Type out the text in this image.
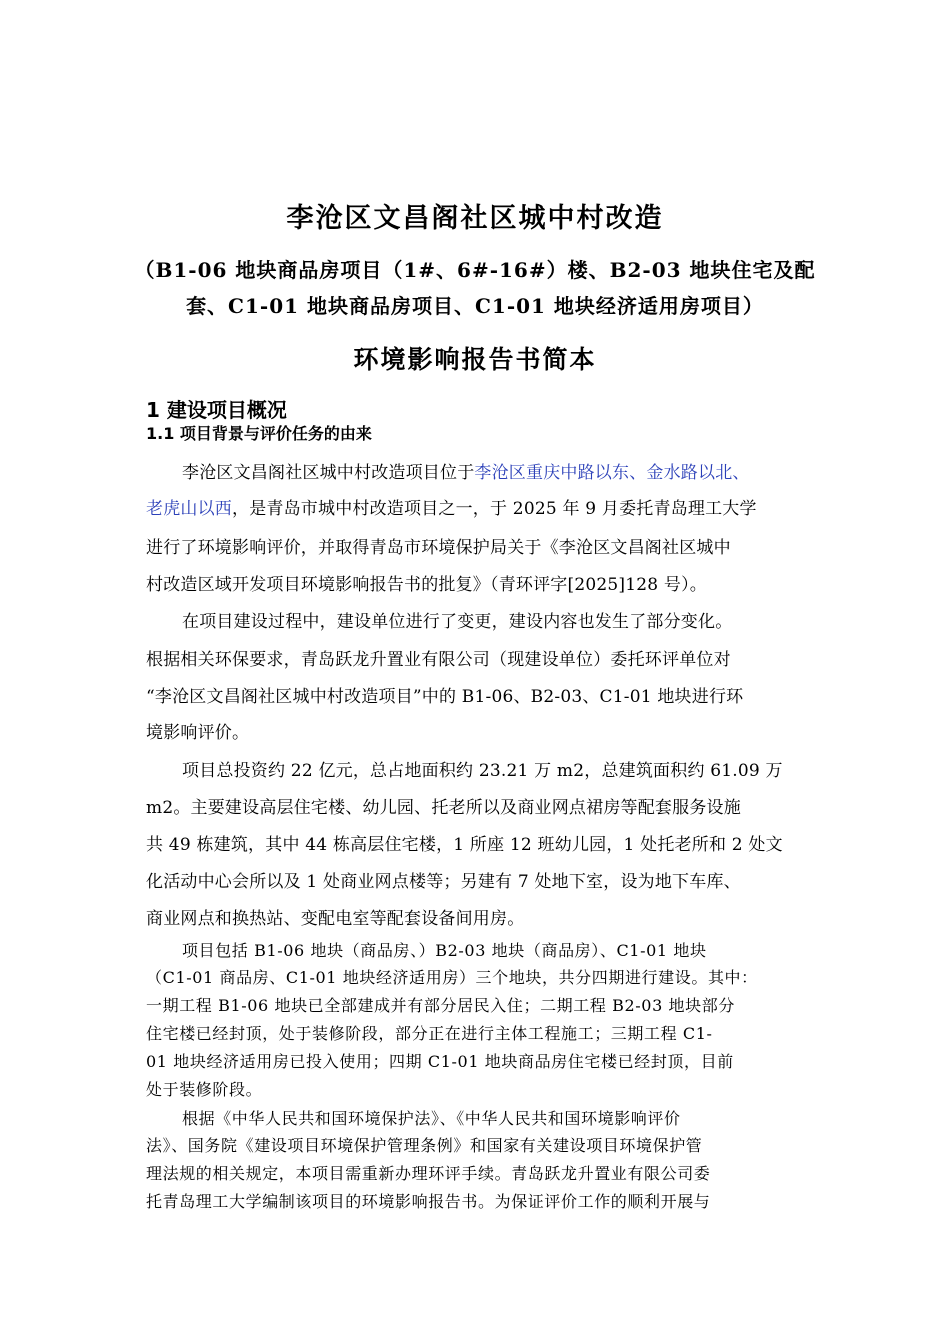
李沧区文昌阁社区城中村改造
（B1-06 地块商品房项目（1#、6#-16#）楼、B2-03 地块住宅及配
套、C1-01 地块商品房项目、C1-01 地块经济适用房项目）
环境影响报告书简本
1 建设项目概况
1.1 项目背景与评价任务的由来
李沧区文昌阁社区城中村改造项目位于李沧区重庆中路以东、金水路以北、
老虎山以西，是青岛市城中村改造项目之一，于 2025 年 9 月委托青岛理工大学
进行了环境影响评价，并取得青岛市环境保护局关于《李沧区文昌阁社区城中
村改造区域开发项目环境影响报告书的批复》（青环评字[2025]128 号）。
在项目建设过程中，建设单位进行了变更，建设内容也发生了部分变化。
根据相关环保要求，青岛跃龙升置业有限公司（现建设单位）委托环评单位对
“李沧区文昌阁社区城中村改造项目”中的 B1-06、B2-03、C1-01 地块进行环
境影响评价。
项目总投资约 22 亿元，总占地面积约 23.21 万 m2，总建筑面积约 61.09 万
m2。主要建设高层住宅楼、幼儿园、托老所以及商业网点裙房等配套服务设施
共 49 栋建筑，其中 44 栋高层住宅楼，1 所座 12 班幼儿园，1 处托老所和 2 处文
化活动中心会所以及 1 处商业网点楼等；另建有 7 处地下室，设为地下车库、
商业网点和换热站、变配电室等配套设备间用房。
项目包括 B1-06 地块（商品房、）B2-03 地块（商品房）、C1-01 地块
（C1-01 商品房、C1-01 地块经济适用房）三个地块，共分四期进行建设。其中：
一期工程 B1-06 地块已全部建成并有部分居民入住；二期工程 B2-03 地块部分
住宅楼已经封顶，处于装修阶段，部分正在进行主体工程施工；三期工程 C1-
01 地块经济适用房已投入使用；四期 C1-01 地块商品房住宅楼已经封顶，目前
处于装修阶段。
根据《中华人民共和国环境保护法》、《中华人民共和国环境影响评价
法》、国务院《建设项目环境保护管理条例》和国家有关建设项目环境保护管
理法规的相关规定，本项目需重新办理环评手续。青岛跃龙升置业有限公司委
托青岛理工大学编制该项目的环境影响报告书。为保证评价工作的顺利开展与
